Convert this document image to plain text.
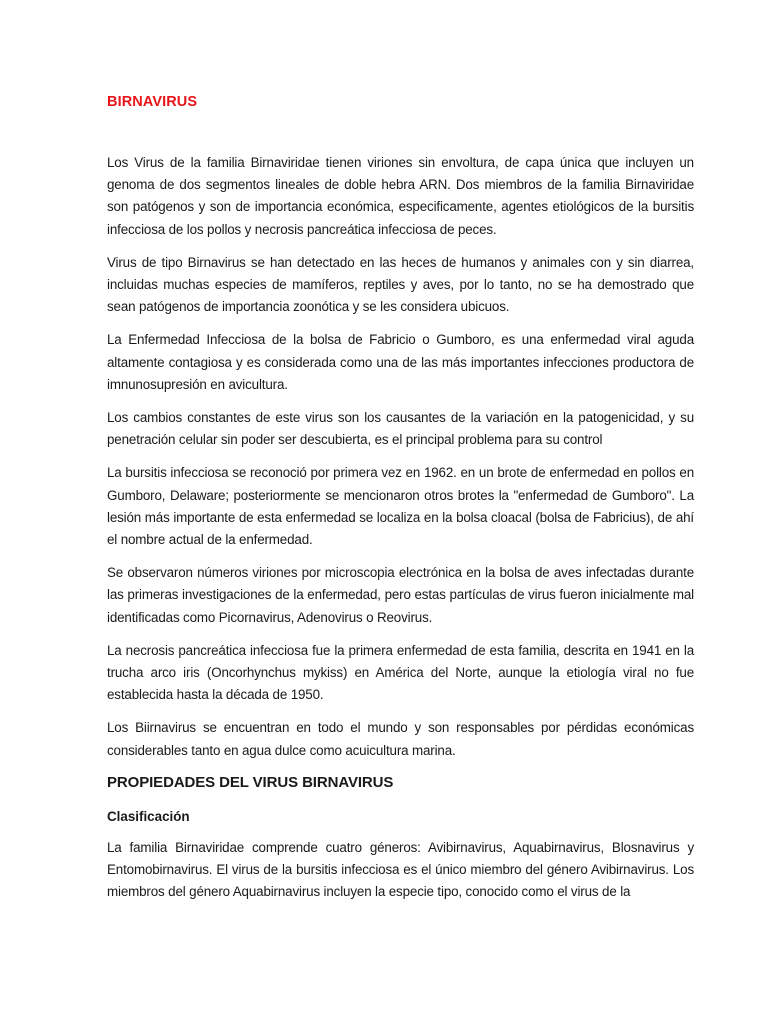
BIRNAVIRUS

Los Virus de la familia Birnaviridae tienen viriones sin envoltura, de capa única que incluyen un genoma de dos segmentos lineales de doble hebra ARN. Dos miembros de la familia Birnaviridae son patógenos y son de importancia económica, especificamente, agentes etiológicos de la bursitis infecciosa de los pollos y necrosis pancreática infecciosa de peces.

Virus de tipo Birnavirus se han detectado en las heces de humanos y animales con y sin diarrea, incluidas muchas especies de mamíferos, reptiles y aves, por lo tanto, no se ha demostrado que sean patógenos de importancia zoonótica y se les considera ubicuos.

La Enfermedad Infecciosa de la bolsa de Fabricio o Gumboro, es una enfermedad viral aguda altamente contagiosa y es considerada como una de las más importantes infecciones productora de imnunosupresión en avicultura.

Los cambios constantes de este virus son los causantes de la variación en la patogenicidad, y su penetración celular sin poder ser descubierta, es el principal problema para su control

La bursitis infecciosa se reconoció por primera vez en 1962. en un brote de enfermedad en pollos en Gumboro, Delaware; posteriormente se mencionaron otros brotes la "enfermedad de Gumboro". La lesión más importante de esta enfermedad se localiza en la bolsa cloacal (bolsa de Fabricius), de ahí el nombre actual de la enfermedad.

Se observaron números viriones por microscopia electrónica en la bolsa de aves infectadas durante las primeras investigaciones de la enfermedad, pero estas partículas de virus fueron inicialmente mal identificadas como Picornavirus, Adenovirus o Reovirus.

La necrosis pancreática infecciosa fue la primera enfermedad de esta familia, descrita en 1941 en la trucha arco iris (Oncorhynchus mykiss) en América del Norte, aunque la etiología viral no fue establecida hasta la década de 1950.

Los Biirnavirus se encuentran en todo el mundo y son responsables por pérdidas económicas considerables tanto en agua dulce como acuicultura marina.

PROPIEDADES DEL VIRUS BIRNAVIRUS
Clasificación

La familia Birnaviridae comprende cuatro géneros: Avibirnavirus, Aquabirnavirus, Blosnavirus y Entomobirnavirus. El virus de la bursitis infecciosa es el único miembro del género Avibirnavirus. Los miembros del género Aquabirnavirus incluyen la especie tipo, conocido como el virus de la
